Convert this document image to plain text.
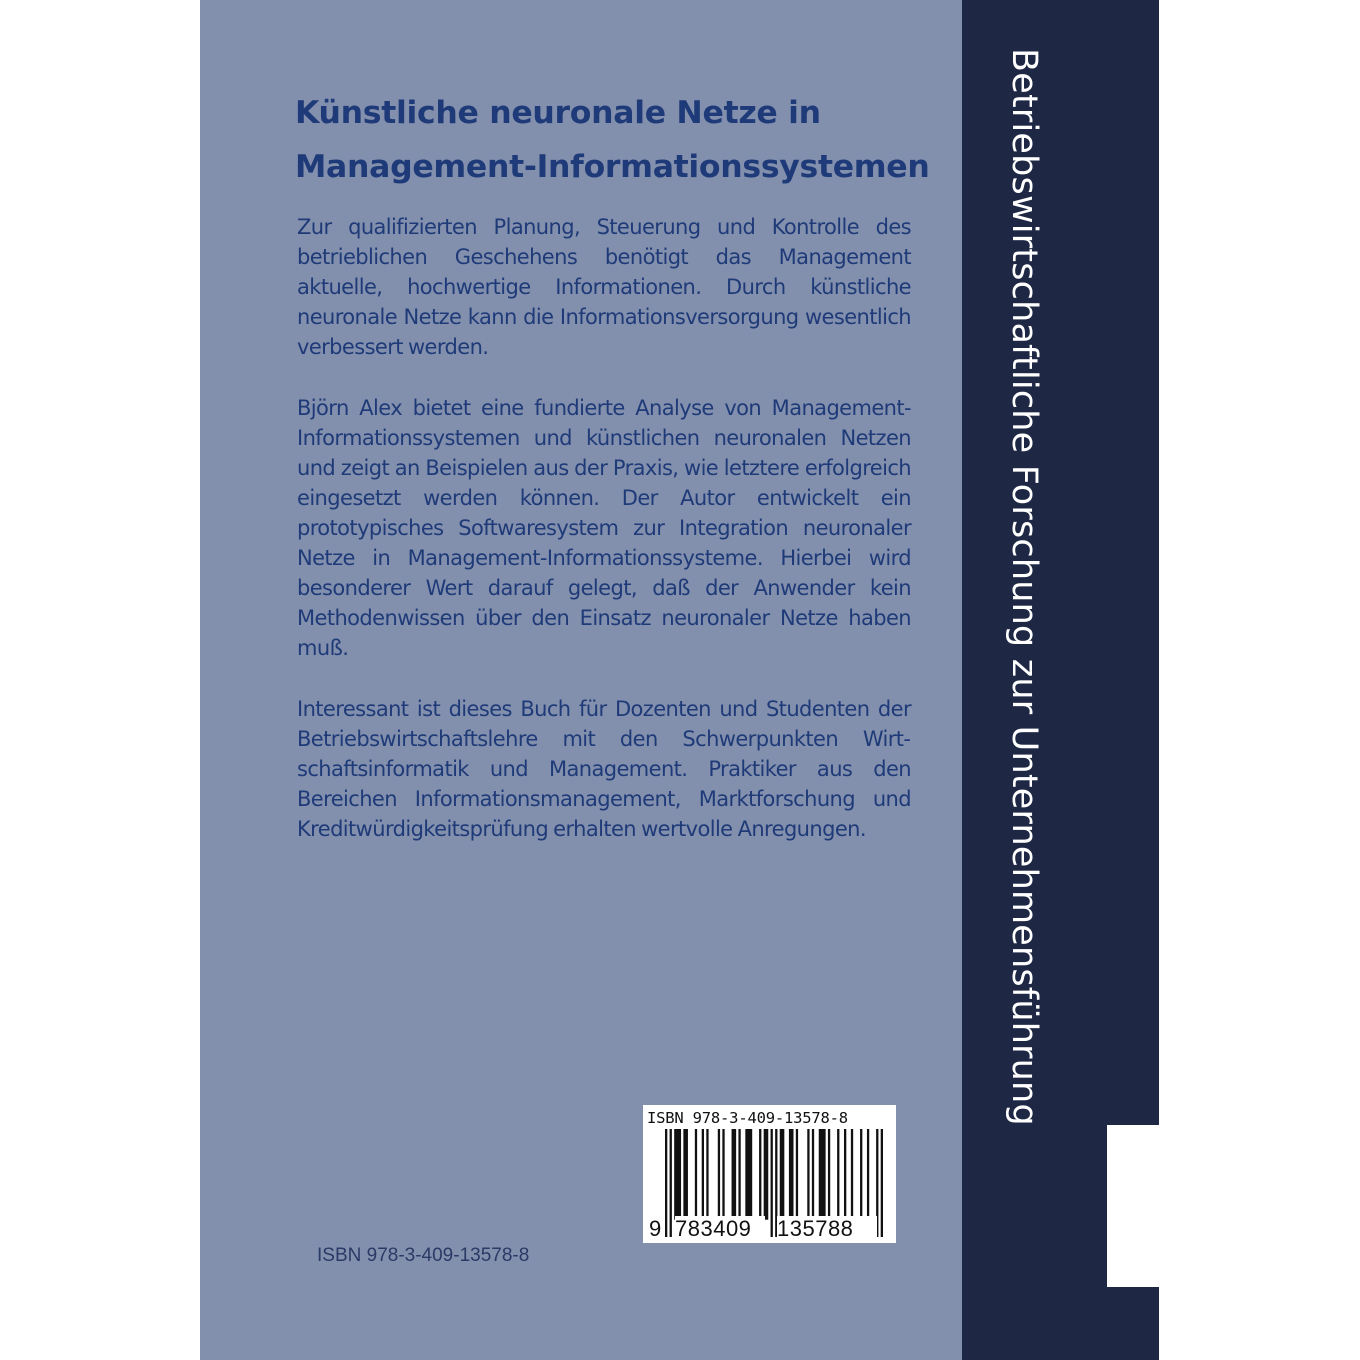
Betriebswirtschaftliche Forschung zur Unternehmensführung
Künstliche neuronale Netze in
Management-Informationssystemen

Zur qualifizierten Planung, Steuerung und Kontrolle des betrieblichen Geschehens benötigt das Management aktuelle, hochwertige Informationen. Durch künstliche neuronale Netze kann die Informationsversorgung wesentlich verbessert werden.

Björn Alex bietet eine fundierte Analyse von Management-Informationssystemen und künstlichen neuronalen Netzen und zeigt an Beispielen aus der Praxis, wie letztere erfolgreich eingesetzt werden können. Der Autor entwickelt ein prototypisches Softwaresystem zur Integration neuronaler Netze in Management-Informationssysteme. Hierbei wird besonderer Wert darauf gelegt, daß der Anwender kein Methodenwissen über den Einsatz neuronaler Netze haben muß.

Interessant ist dieses Buch für Dozenten und Studenten der Betriebswirtschaftslehre mit den Schwerpunkten Wirtschaftsinformatik und Management. Praktiker aus den Bereichen Informationsmanagement, Marktforschung und Kreditwürdigkeitsprüfung erhalten wertvolle Anregungen.

ISBN 978-3-409-13578-8
ISBN 978-3-409-13578-8
9 783409	135788
